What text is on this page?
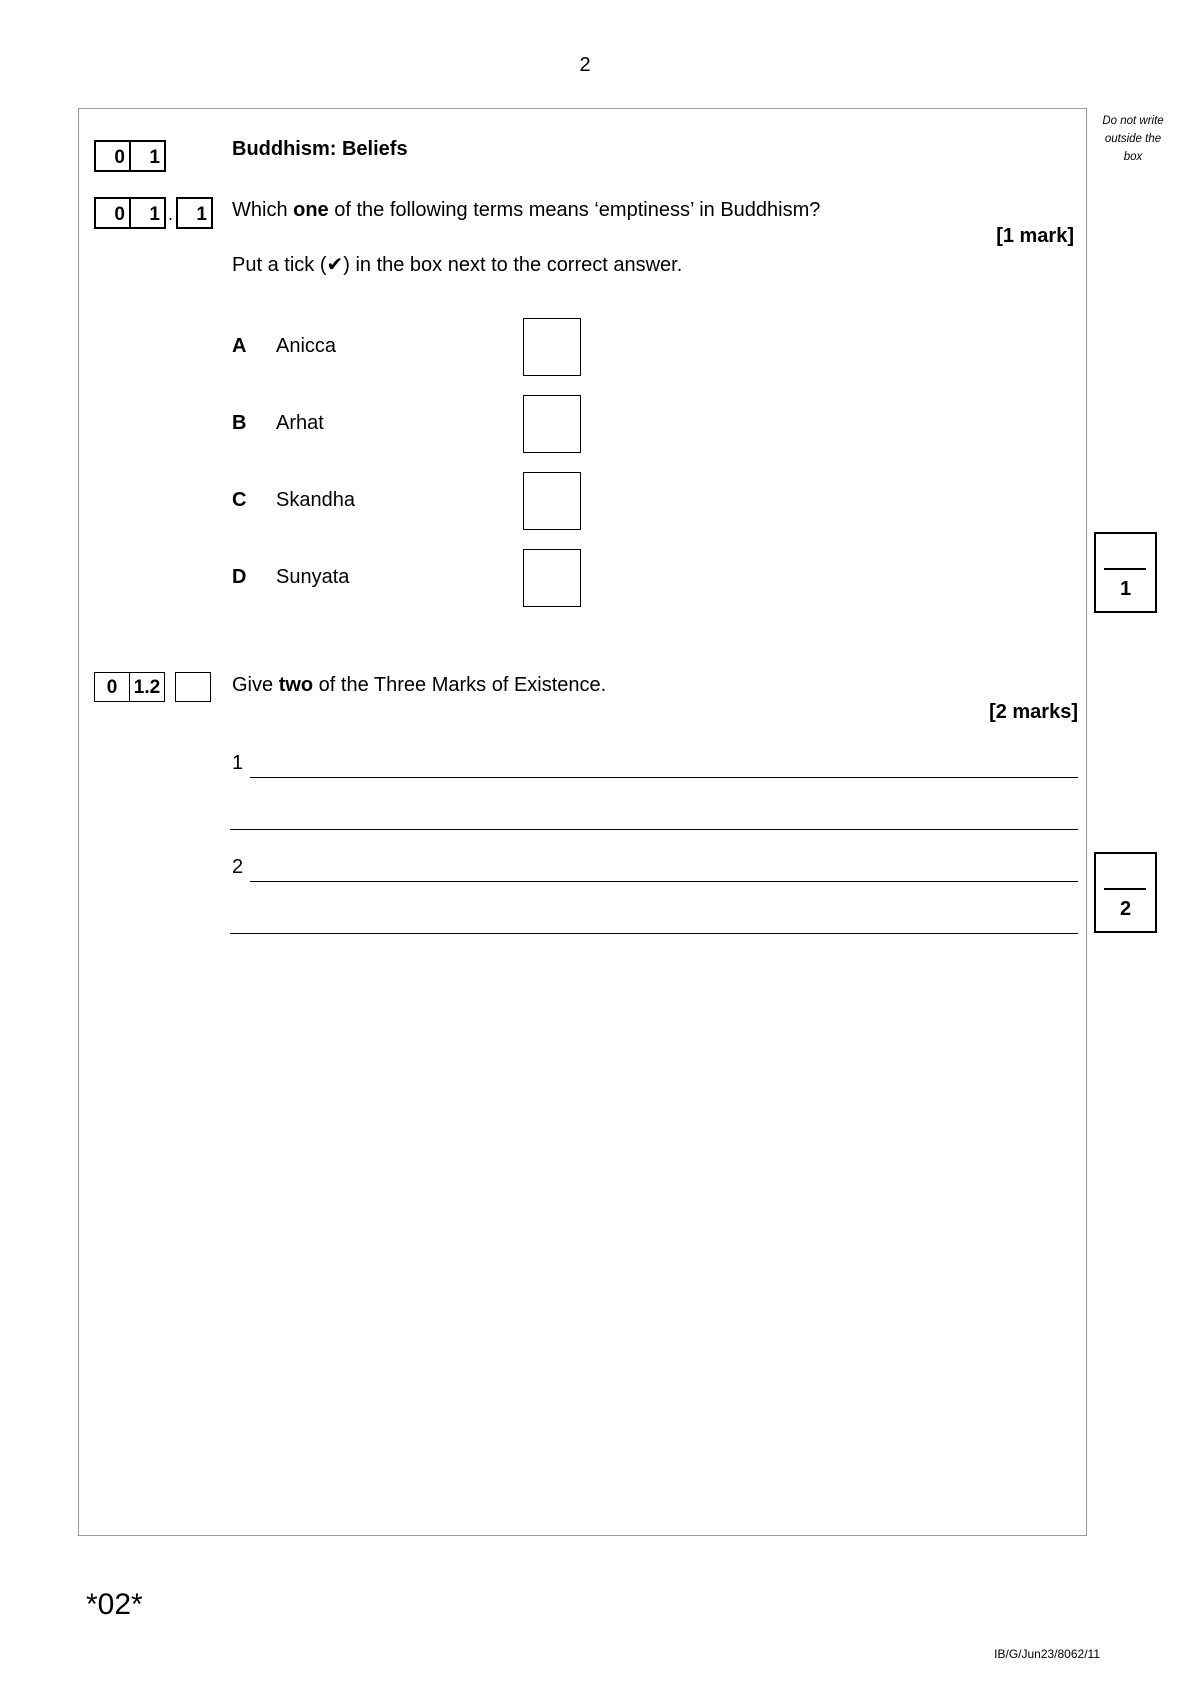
2
Do not write
outside the
box
0	1	Buddhism: Beliefs
0	1 .	1	Which one of the following terms means ‘emptiness’ in Buddhism?
[1 mark]
Put a tick (✔) in the box next to the correct answer.
A Anicca
B Arhat
C Skandha
D Sunyata
1
0 1.2	Give two of the Three Marks of Existence.
[2 marks]
1
2
2
*02*
IB/G/Jun23/8062/11
